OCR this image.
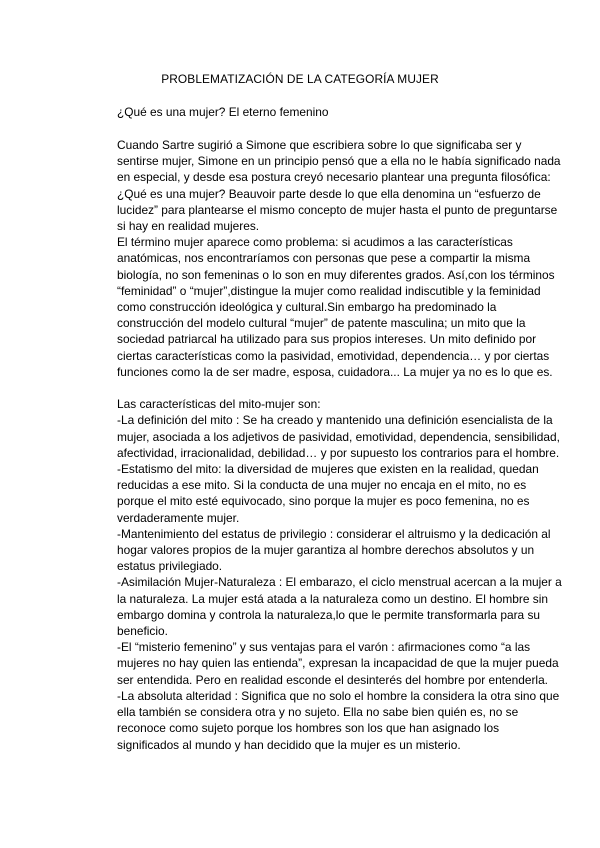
PROBLEMATIZACIÓN DE LA CATEGORÍA MUJER
¿Qué es una mujer? El eterno femenino
Cuando Sartre sugirió a Simone que escribiera sobre lo que significaba ser y
sentirse mujer, Simone en un principio pensó que a ella no le había significado nada
en especial, y desde esa postura creyó necesario plantear una pregunta filosófica:
¿Qué es una mujer? Beauvoir parte desde lo que ella denomina un “esfuerzo de
lucidez” para plantearse el mismo concepto de mujer hasta el punto de preguntarse
si hay en realidad mujeres.
El término mujer aparece como problema: si acudimos a las características
anatómicas, nos encontraríamos con personas que pese a compartir la misma
biología, no son femeninas o lo son en muy diferentes grados. Así,con los términos
“feminidad” o “mujer”,distingue la mujer como realidad indiscutible y la feminidad
como construcción ideológica y cultural.Sin embargo ha predominado la
construcción del modelo cultural “mujer” de patente masculina; un mito que la
sociedad patriarcal ha utilizado para sus propios intereses. Un mito definido por
ciertas características como la pasividad, emotividad, dependencia… y por ciertas
funciones como la de ser madre, esposa, cuidadora... La mujer ya no es lo que es.
Las características del mito-mujer son:
-La definición del mito : Se ha creado y mantenido una definición esencialista de la
mujer, asociada a los adjetivos de pasividad, emotividad, dependencia, sensibilidad,
afectividad, irracionalidad, debilidad… y por supuesto los contrarios para el hombre.
-Estatismo del mito: la diversidad de mujeres que existen en la realidad, quedan
reducidas a ese mito. Si la conducta de una mujer no encaja en el mito, no es
porque el mito esté equivocado, sino porque la mujer es poco femenina, no es
verdaderamente mujer.
-Mantenimiento del estatus de privilegio : considerar el altruismo y la dedicación al
hogar valores propios de la mujer garantiza al hombre derechos absolutos y un
estatus privilegiado.
-Asimilación Mujer-Naturaleza : El embarazo, el ciclo menstrual acercan a la mujer a
la naturaleza. La mujer está atada a la naturaleza como un destino. El hombre sin
embargo domina y controla la naturaleza,lo que le permite transformarla para su
beneficio.
-El “misterio femenino” y sus ventajas para el varón : afirmaciones como “a las
mujeres no hay quien las entienda”, expresan la incapacidad de que la mujer pueda
ser entendida. Pero en realidad esconde el desinterés del hombre por entenderla.
-La absoluta alteridad : Significa que no solo el hombre la considera la otra sino que
ella también se considera otra y no sujeto. Ella no sabe bien quién es, no se
reconoce como sujeto porque los hombres son los que han asignado los
significados al mundo y han decidido que la mujer es un misterio.
